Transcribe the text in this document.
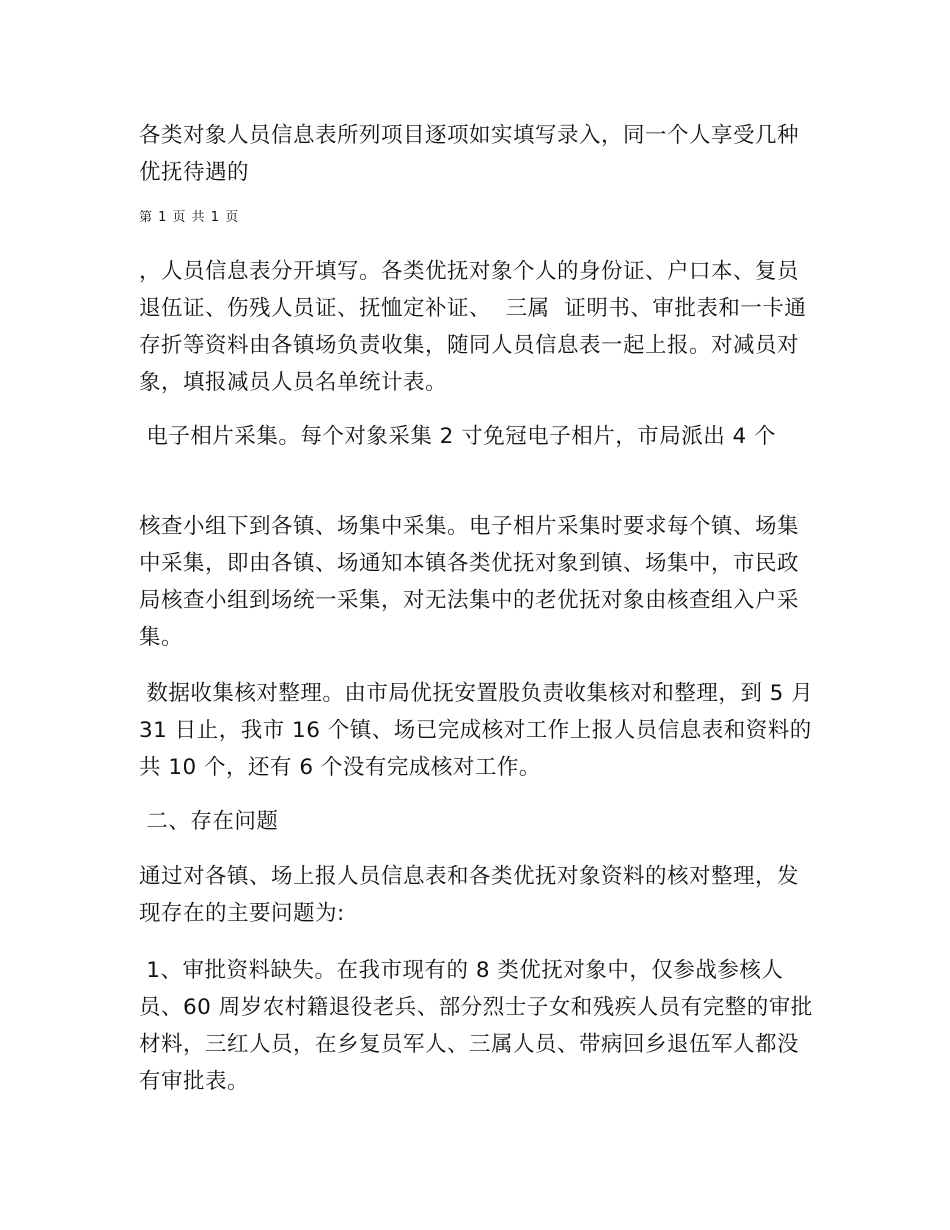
各类对象人员信息表所列项目逐项如实填写录入，同一个人享受几种优抚待遇的

第 1 页 共 1 页

，人员信息表分开填写。各类优抚对象个人的身份证、户口本、复员退伍证、伤残人员证、抚恤定补证、  三属  证明书、审批表和一卡通存折等资料由各镇场负责收集，随同人员信息表一起上报。对减员对象，填报减员人员名单统计表。

电子相片采集。每个对象采集 2 寸免冠电子相片，市局派出 4 个

核查小组下到各镇、场集中采集。电子相片采集时要求每个镇、场集中采集，即由各镇、场通知本镇各类优抚对象到镇、场集中，市民政局核查小组到场统一采集，对无法集中的老优抚对象由核查组入户采集。

数据收集核对整理。由市局优抚安置股负责收集核对和整理，到 5 月 31 日止，我市 16 个镇、场已完成核对工作上报人员信息表和资料的共 10 个，还有 6 个没有完成核对工作。

二、存在问题

通过对各镇、场上报人员信息表和各类优抚对象资料的核对整理，发现存在的主要问题为:

1、审批资料缺失。在我市现有的 8 类优抚对象中，仅参战参核人员、60 周岁农村籍退役老兵、部分烈士子女和残疾人员有完整的审批材料，三红人员，在乡复员军人、三属人员、带病回乡退伍军人都没有审批表。
